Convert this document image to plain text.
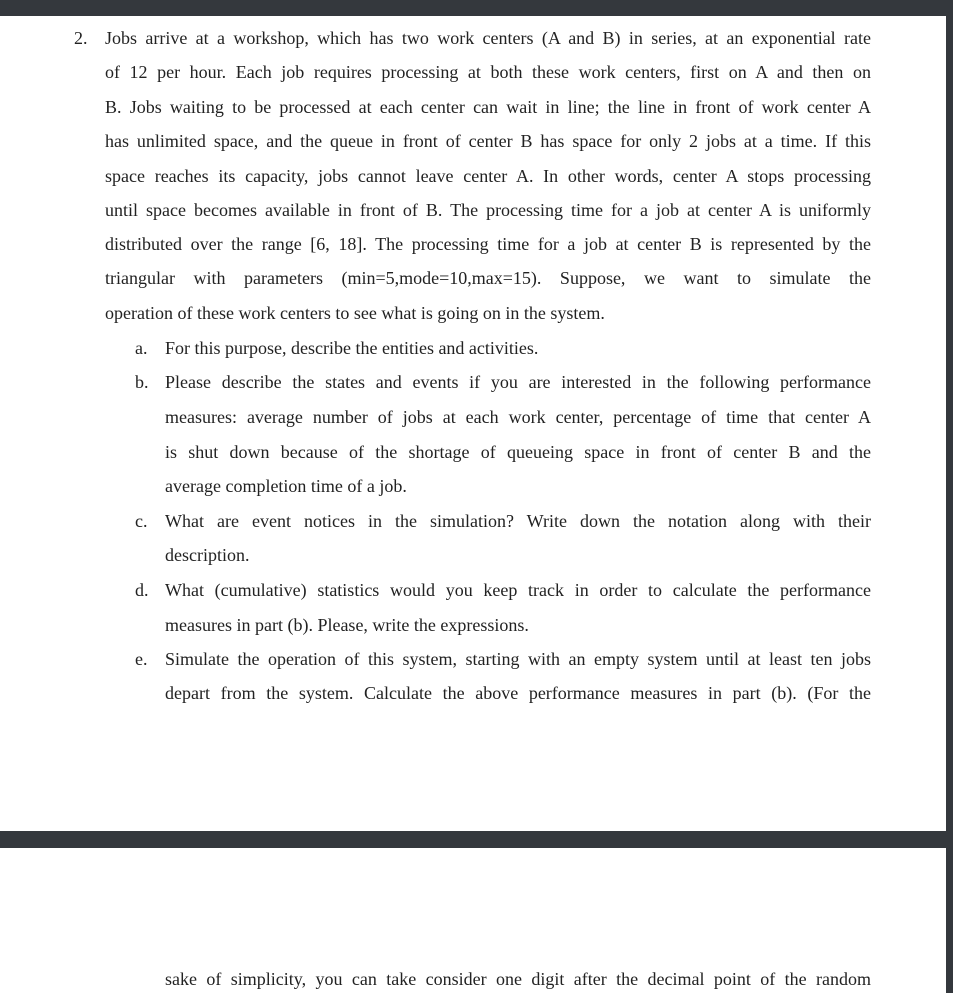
2. Jobs arrive at a workshop, which has two work centers (A and B) in series, at an exponential rate
of 12 per hour. Each job requires processing at both these work centers, first on A and then on
B. Jobs waiting to be processed at each center can wait in line; the line in front of work center A
has unlimited space, and the queue in front of center B has space for only 2 jobs at a time. If this
space reaches its capacity, jobs cannot leave center A. In other words, center A stops processing
until space becomes available in front of B. The processing time for a job at center A is uniformly
distributed over the range [6, 18]. The processing time for a job at center B is represented by the
triangular with parameters (min=5,mode=10,max=15). Suppose, we want to simulate the
operation of these work centers to see what is going on in the system.
a. For this purpose, describe the entities and activities.
b. Please describe the states and events if you are interested in the following performance
measures: average number of jobs at each work center, percentage of time that center A
is shut down because of the shortage of queueing space in front of center B and the
average completion time of a job.
c. What are event notices in the simulation? Write down the notation along with their
description.
d. What (cumulative) statistics would you keep track in order to calculate the performance
measures in part (b). Please, write the expressions.
e. Simulate the operation of this system, starting with an empty system until at least ten jobs
depart from the system. Calculate the above performance measures in part (b). (For the
sake of simplicity, you can take consider one digit after the decimal point of the random
